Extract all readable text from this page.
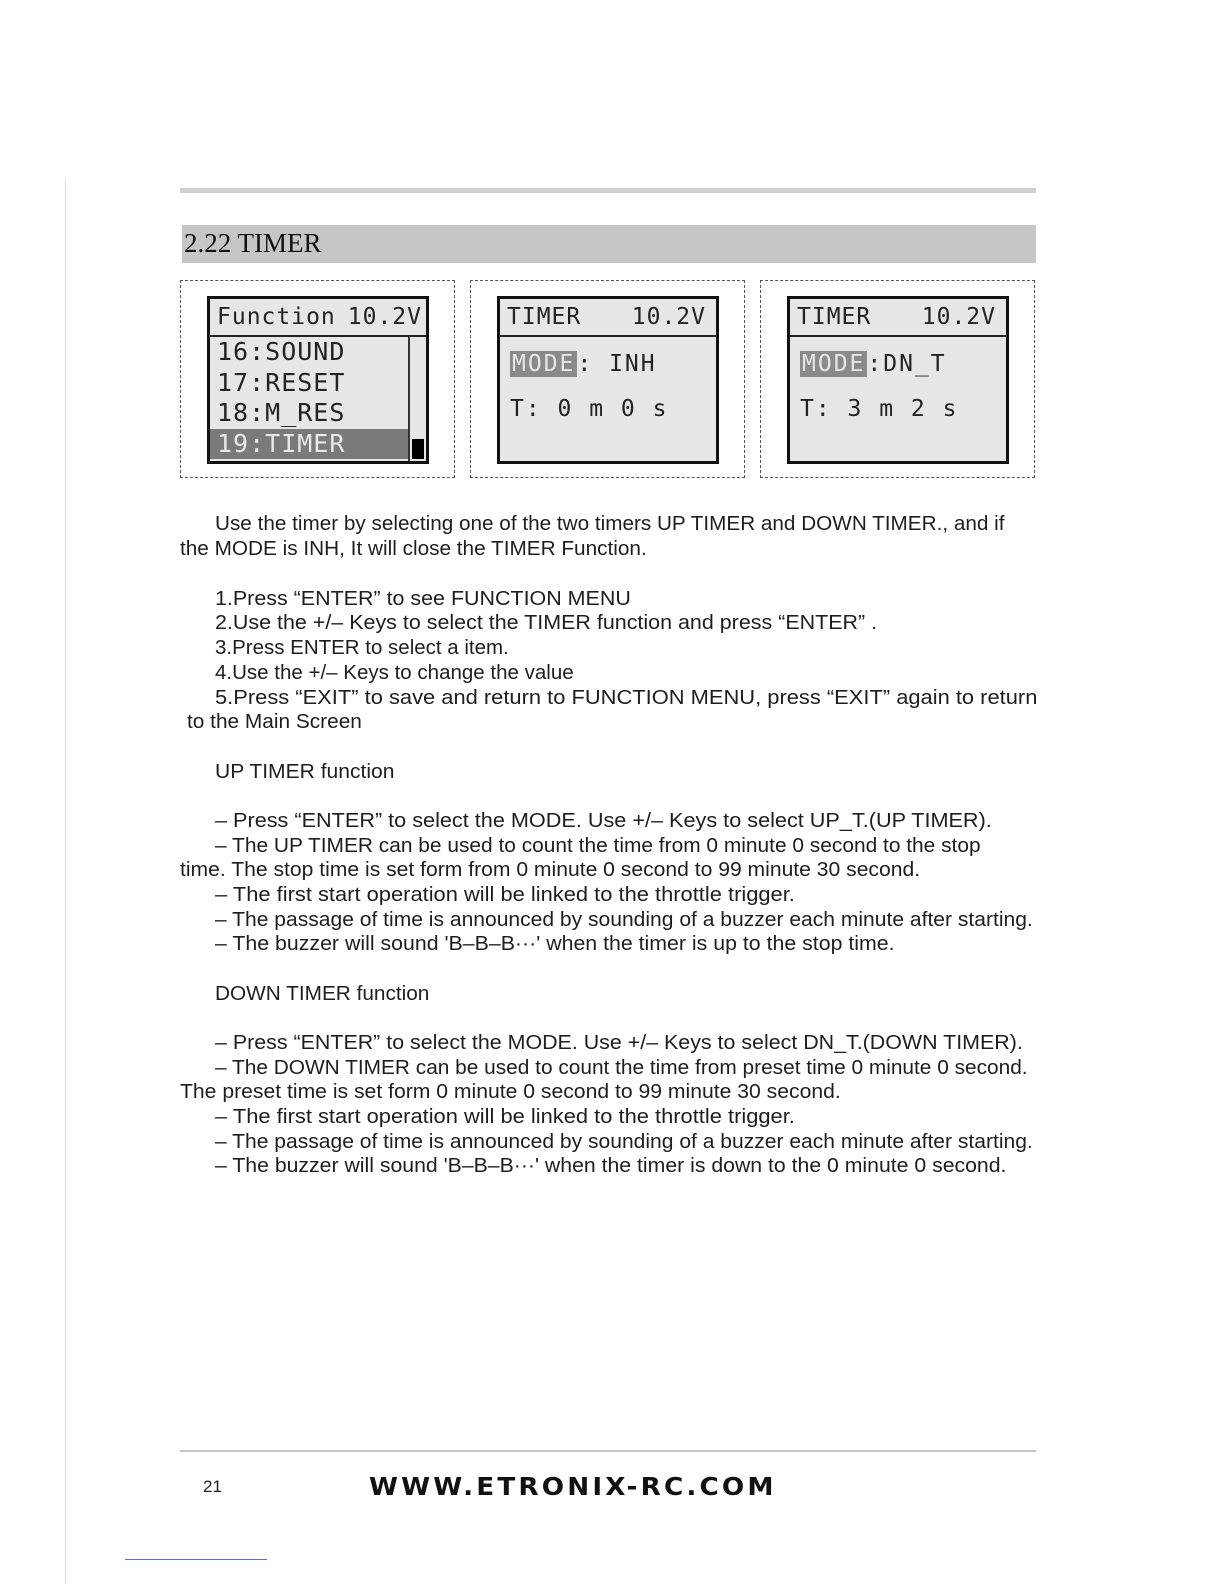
2.22 TIMER
Function 10.2V
16:SOUND
17:RESET
18:M_RES
19:TIMER
TIMER 10.2V
MODE: INH
T: 0 m 0 s
TIMER 10.2V
MODE:DN_T
T: 3 m 2 s
Use the timer by selecting one of the two timers UP TIMER and DOWN TIMER., and if
the MODE is INH, It will close the TIMER Function.
1.Press “ENTER” to see FUNCTION MENU
2.Use the +/– Keys to select the TIMER function and press “ENTER” .
3.Press ENTER to select a item.
4.Use the +/– Keys to change the value
5.Press “EXIT” to save and return to FUNCTION MENU, press “EXIT” again to return
to the Main Screen
UP TIMER function
– Press “ENTER” to select the MODE. Use +/– Keys to select UP_T.(UP TIMER).
– The UP TIMER can be used to count the time from 0 minute 0 second to the stop
time. The stop time is set form from 0 minute 0 second to 99 minute 30 second.
– The first start operation will be linked to the throttle trigger.
– The passage of time is announced by sounding of a buzzer each minute after starting.
– The buzzer will sound 'B–B–B···' when the timer is up to the stop time.
DOWN TIMER function
– Press “ENTER” to select the MODE. Use +/– Keys to select DN_T.(DOWN TIMER).
– The DOWN TIMER can be used to count the time from preset time 0 minute 0 second.
The preset time is set form 0 minute 0 second to 99 minute 30 second.
– The first start operation will be linked to the throttle trigger.
– The passage of time is announced by sounding of a buzzer each minute after starting.
– The buzzer will sound 'B–B–B···' when the timer is down to the 0 minute 0 second.
21	WWW.ETRONIX-RC.COM
